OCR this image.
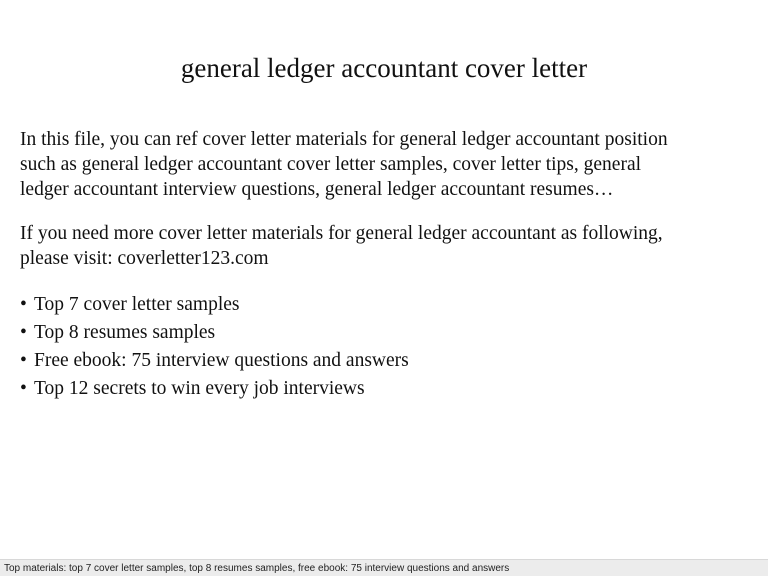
general ledger accountant cover letter

In this file, you can ref cover letter materials for general ledger accountant position
such as general ledger accountant cover letter samples, cover letter tips, general
ledger accountant interview questions, general ledger accountant resumes…

If you need more cover letter materials for general ledger accountant as following,
please visit: coverletter123.com

• Top 7 cover letter samples
• Top 8 resumes samples
• Free ebook: 75 interview questions and answers
• Top 12 secrets to win every job interviews
Top materials: top 7 cover letter samples, top 8 resumes samples, free ebook: 75 interview questions and answers
